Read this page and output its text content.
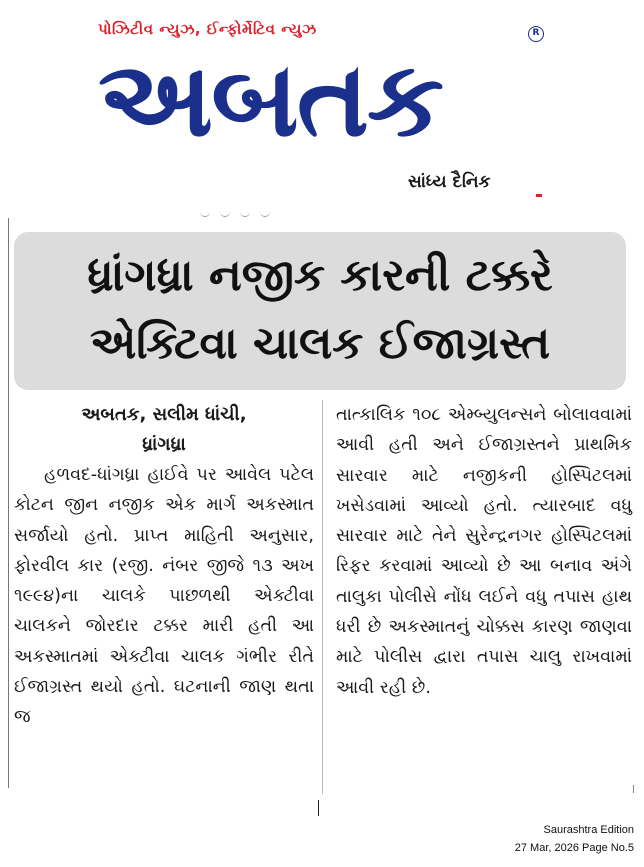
પોઝિટીવ ન્યુઝ, ઈન્ફોર્મેટિવ ન્યુઝ	R
અબતક
સાંધ્ય દૈનિક
ધ્રાંગધ્રા નજીક કારની ટક્કરે
એક્ટિવા ચાલક ઈજાગ્રસ્ત

અબતક, સલીમ ધાંચી,

ધ્રાંગધ્રા

હળવદ-ધાંગધ્રા હાઈવે પર આવેલ પટેલ કોટન જીન નજીક એક માર્ગ અકસ્માત સર્જાયો હતો. પ્રાપ્ત માહિતી અનુસાર, ફોરવીલ કાર (રજી. નંબર જીજે ૧૩ અખ ૧૯૯૪)ના ચાલકે પાછળથી એક્ટીવા ચાલકને જોરદાર ટક્કર મારી હતી આ અકસ્માતમાં એક્ટીવા ચાલક ગંભીર રીતે ઈજાગ્રસ્ત થયો હતો. ઘટનાની જાણ થતા જ

તાત્કાલિક ૧૦૮ એમ્બ્યુલન્સને બોલાવવામાં આવી હતી અને ઈજાગ્રસ્તને પ્રાથમિક સારવાર માટે નજીકની હોસ્પિટલમાં ખસેડવામાં આવ્યો હતો. ત્યારબાદ વધુ સારવાર માટે તેને સુરેન્દ્રનગર હોસ્પિટલમાં રિફર કરવામાં આવ્યો છે આ બનાવ અંગે તાલુકા પોલીસે નોંધ લઈને વધુ તપાસ હાથ ધરી છે અકસ્માતનું ચોક્કસ કારણ જાણવા માટે પોલીસ દ્વારા તપાસ ચાલુ રાખવામાં આવી રહી છે.

Saurashtra Edition
27 Mar, 2026 Page No.5
